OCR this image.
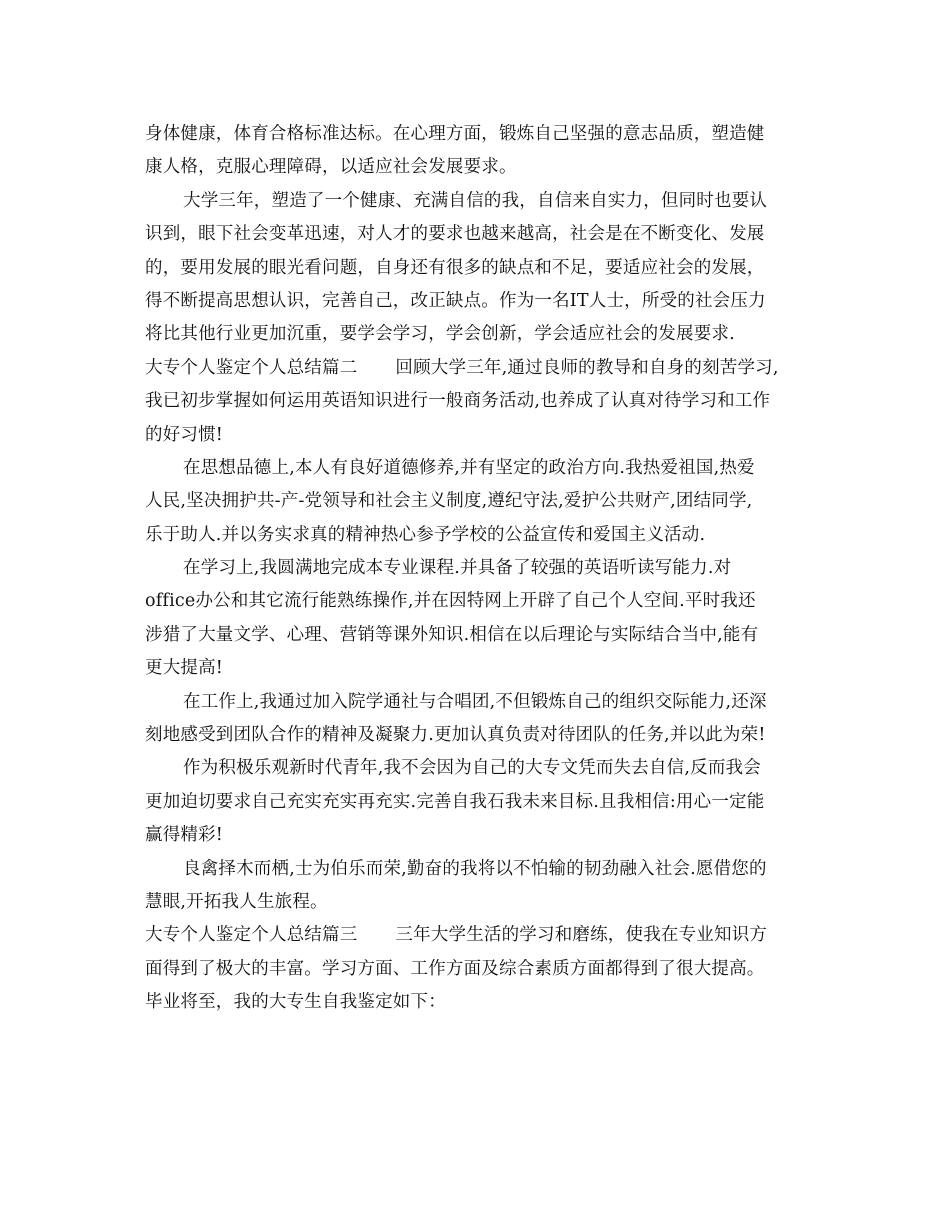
身体健康，体育合格标准达标。在心理方面，锻炼自己坚强的意志品质，塑造健
康人格，克服心理障碍，以适应社会发展要求。
大学三年，塑造了一个健康、充满自信的我，自信来自实力，但同时也要认
识到，眼下社会变革迅速，对人才的要求也越来越高，社会是在不断变化、发展
的，要用发展的眼光看问题，自身还有很多的缺点和不足，要适应社会的发展，
得不断提高思想认识，完善自己，改正缺点。作为一名IT人士，所受的社会压力
将比其他行业更加沉重，要学会学习，学会创新，学会适应社会的发展要求.
大专个人鉴定个人总结篇二 回顾大学三年,通过良师的教导和自身的刻苦学习,
我已初步掌握如何运用英语知识进行一般商务活动,也养成了认真对待学习和工作
的好习惯!
在思想品德上,本人有良好道德修养,并有坚定的政治方向.我热爱祖国,热爱
人民,坚决拥护共-产-党领导和社会主义制度,遵纪守法,爱护公共财产,团结同学,
乐于助人.并以务实求真的精神热心参予学校的公益宣传和爱国主义活动.
在学习上,我圆满地完成本专业课程.并具备了较强的英语听读写能力.对
office办公和其它流行能熟练操作,并在因特网上开辟了自己个人空间.平时我还
涉猎了大量文学、心理、营销等课外知识.相信在以后理论与实际结合当中,能有
更大提高!
在工作上,我通过加入院学通社与合唱团,不但锻炼自己的组织交际能力,还深
刻地感受到团队合作的精神及凝聚力.更加认真负责对待团队的任务,并以此为荣!
作为积极乐观新时代青年,我不会因为自己的大专文凭而失去自信,反而我会
更加迫切要求自己充实充实再充实.完善自我石我未来目标.且我相信:用心一定能
赢得精彩!
良禽择木而栖,士为伯乐而荣,勤奋的我将以不怕输的韧劲融入社会.愿借您的
慧眼,开拓我人生旅程。
大专个人鉴定个人总结篇三 三年大学生活的学习和磨练，使我在专业知识方
面得到了极大的丰富。学习方面、工作方面及综合素质方面都得到了很大提高。
毕业将至，我的大专生自我鉴定如下：
